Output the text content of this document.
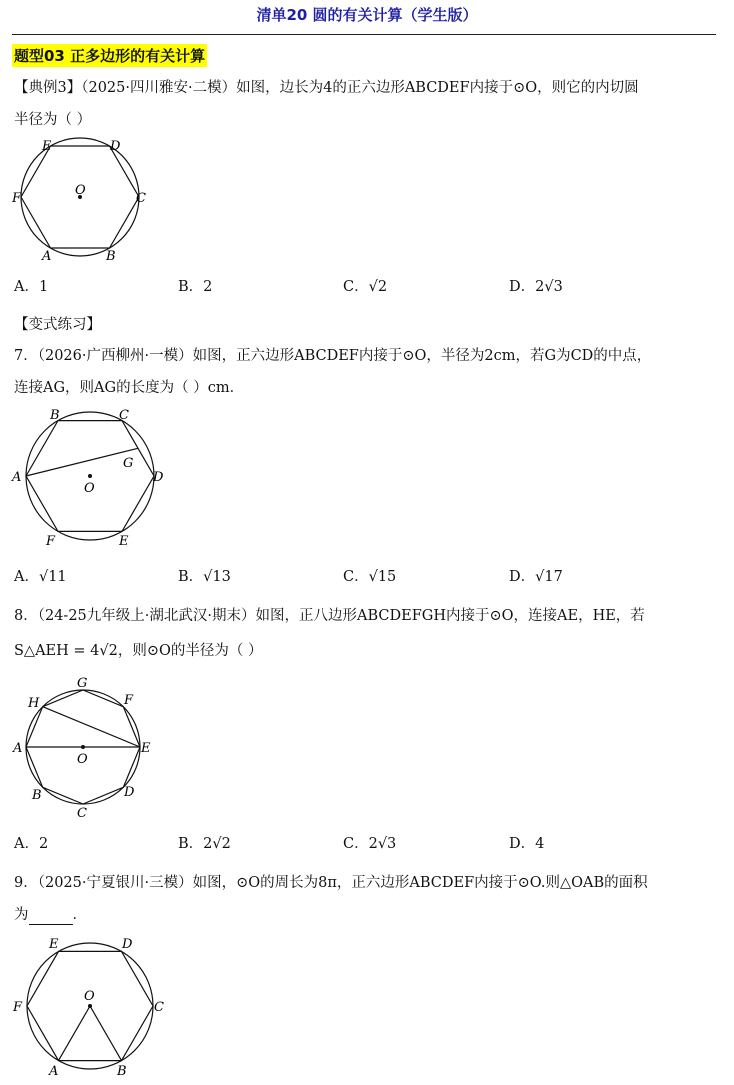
清单20 圆的有关计算（学生版）
题型03 正多边形的有关计算
【典例3】（2025·四川雅安·二模）如图，边长为4的正六边形ABCDEF内接于⊙O，则它的内切圆
半径为（ ）
E	D
F	C
A	B
O
A．1	B．2	C．√2	D．2√3
【变式练习】
7．（2026·广西柳州·一模）如图，正六边形ABCDEF内接于⊙O，半径为2cm，若G为CD的中点，
连接AG，则AG的长度为（ ）cm．
B	C
A
G
D
O
F	E
A．√11	B．√13	C．√15	D．√17
8．（24-25九年级上·湖北武汉·期末）如图，正八边形ABCDEFGH内接于⊙O，连接AE，HE，若
S△AEH = 4√2，则⊙O的半径为（ ）
G
H	F
A	E
O
B	D
C
A．2	B．2√2	C．2√3	D．4
9．（2025·宁夏银川·三模）如图，⊙O的周长为8π，正六边形ABCDEF内接于⊙O.则△OAB的面积
为	．
E	D
F	C
O
A	B
